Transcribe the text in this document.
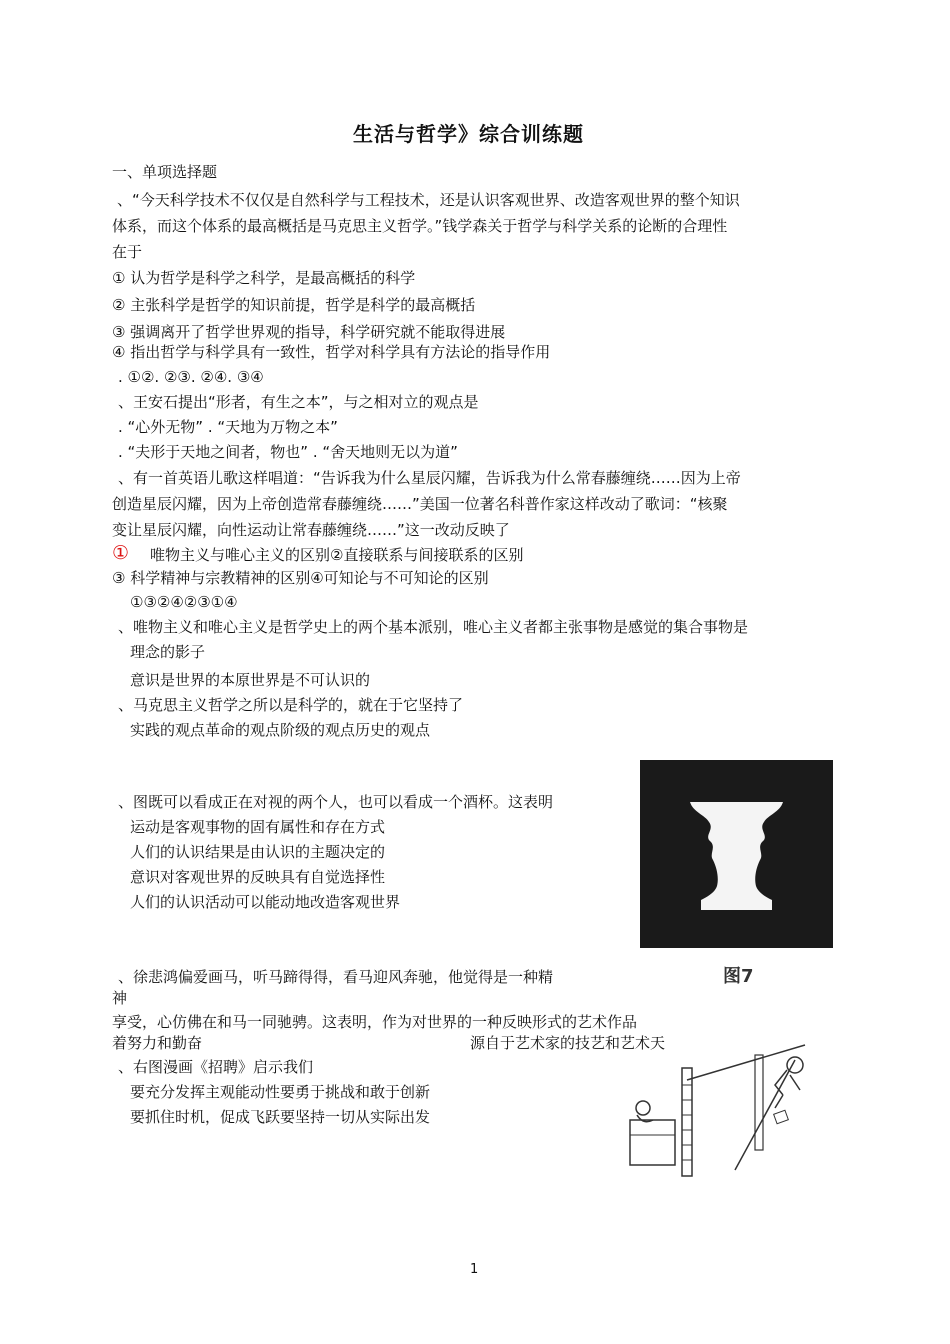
生活与哲学》综合训练题
一、单项选择题
、“今天科学技术不仅仅是自然科学与工程技术，还是认识客观世界、改造客观世界的整个知识
体系，而这个体系的最高概括是马克思主义哲学。”钱学森关于哲学与科学关系的论断的合理性
在于
① 认为哲学是科学之科学，是最高概括的科学
② 主张科学是哲学的知识前提，哲学是科学的最高概括
③ 强调离开了哲学世界观的指导，科学研究就不能取得进展
④ 指出哲学与科学具有一致性，哲学对科学具有方法论的指导作用
. ①②. ②③. ②④. ③④
、王安石提出“形者，有生之本”，与之相对立的观点是
. “心外无物” . “天地为万物之本”
. “夫形于天地之间者，物也” . “舍天地则无以为道”
、有一首英语儿歌这样唱道：“告诉我为什么星辰闪耀，告诉我为什么常春藤缠绕……因为上帝
创造星辰闪耀，因为上帝创造常春藤缠绕……”美国一位著名科普作家这样改动了歌词：“核聚
变让星辰闪耀，向性运动让常春藤缠绕……”这一改动反映了
① 唯物主义与唯心主义的区别②直接联系与间接联系的区别
③ 科学精神与宗教精神的区别④可知论与不可知论的区别
①③②④②③①④
、唯物主义和唯心主义是哲学史上的两个基本派别，唯心主义者都主张事物是感觉的集合事物是
理念的影子
意识是世界的本原世界是不可认识的
、马克思主义哲学之所以是科学的，就在于它坚持了
实践的观点革命的观点阶级的观点历史的观点
、图既可以看成正在对视的两个人，也可以看成一个酒杯。这表明
运动是客观事物的固有属性和存在方式
人们的认识结果是由认识的主题决定的
意识对客观世界的反映具有自觉选择性
人们的认识活动可以能动地改造客观世界
图7
、徐悲鸿偏爱画马，听马蹄得得，看马迎风奔驰，他觉得是一种精
神
享受，心仿佛在和马一同驰骋。这表明，作为对世界的一种反映形式的艺术作品
着努力和勤奋	源自于艺术家的技艺和艺术天
、右图漫画《招聘》启示我们
要充分发挥主观能动性要勇于挑战和敢于创新
要抓住时机，促成飞跃要坚持一切从实际出发
1
